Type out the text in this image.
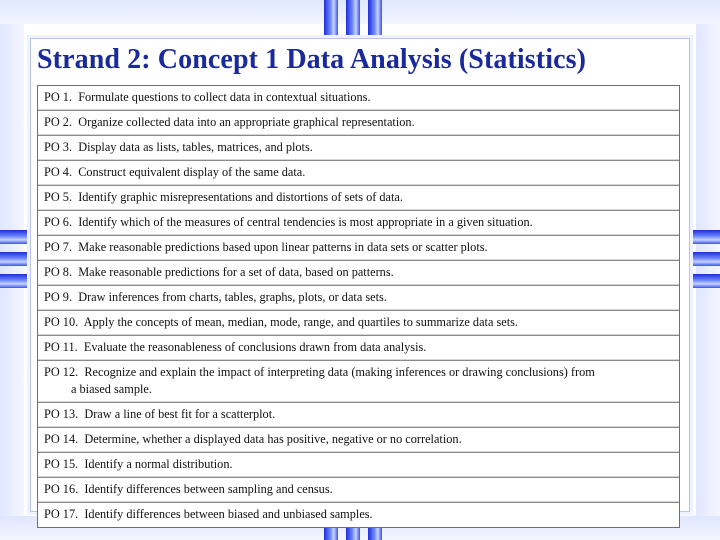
Strand 2: Concept 1 Data Analysis (Statistics)
PO 1. Formulate questions to collect data in contextual situations.
PO 2. Organize collected data into an appropriate graphical representation.
PO 3. Display data as lists, tables, matrices, and plots.
PO 4. Construct equivalent display of the same data.
PO 5. Identify graphic misrepresentations and distortions of sets of data.
PO 6. Identify which of the measures of central tendencies is most appropriate in a given situation.
PO 7. Make reasonable predictions based upon linear patterns in data sets or scatter plots.
PO 8. Make reasonable predictions for a set of data, based on patterns.
PO 9. Draw inferences from charts, tables, graphs, plots, or data sets.
PO 10. Apply the concepts of mean, median, mode, range, and quartiles to summarize data sets.
PO 11. Evaluate the reasonableness of conclusions drawn from data analysis.
PO 12. Recognize and explain the impact of interpreting data (making inferences or drawing conclusions) from
a biased sample.
PO 13. Draw a line of best fit for a scatterplot.
PO 14. Determine, whether a displayed data has positive, negative or no correlation.
PO 15. Identify a normal distribution.
PO 16. Identify differences between sampling and census.
PO 17. Identify differences between biased and unbiased samples.
